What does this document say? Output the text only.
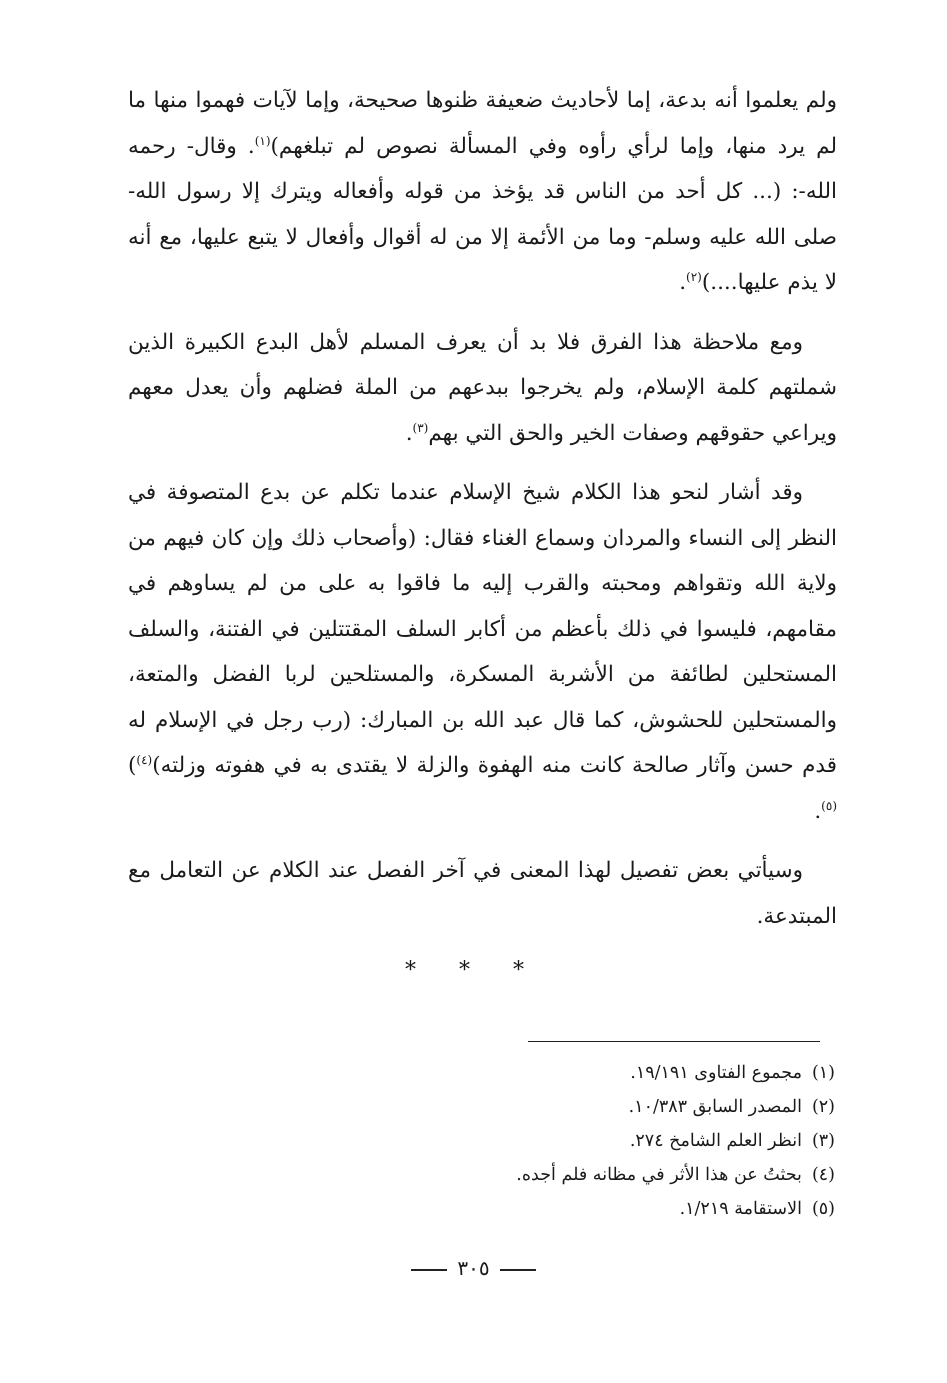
ولم يعلموا أنه بدعة، إما لأحاديث ضعيفة ظنوها صحيحة، وإما لآيات فهموا منها ما لم يرد منها، وإما لرأي رأوه وفي المسألة نصوص لم تبلغهم)$^{(١)}$. وقال- رحمه الله-: (... كل أحد من الناس قد يؤخذ من قوله وأفعاله ويترك إلا رسول الله- صلى الله عليه وسلم- وما من الأئمة إلا من له أقوال وأفعال لا يتبع عليها، مع أنه لا يذم عليها....)$^{(٢)}$.

ومع ملاحظة هذا الفرق فلا بد أن يعرف المسلم لأهل البدع الكبيرة الذين شملتهم كلمة الإسلام، ولم يخرجوا ببدعهم من الملة فضلهم وأن يعدل معهم ويراعي حقوقهم وصفات الخير والحق التي بهم$^{(٣)}$.

وقد أشار لنحو هذا الكلام شيخ الإسلام عندما تكلم عن بدع المتصوفة في النظر إلى النساء والمردان وسماع الغناء فقال: (وأصحاب ذلك وإن كان فيهم من ولاية الله وتقواهم ومحبته والقرب إليه ما فاقوا به على من لم يساوهم في مقامهم، فليسوا في ذلك بأعظم من أكابر السلف المقتتلين في الفتنة، والسلف المستحلين لطائفة من الأشربة المسكرة، والمستلحين لربا الفضل والمتعة، والمستحلين للحشوش، كما قال عبد الله بن المبارك: (رب رجل في الإسلام له قدم حسن وآثار صالحة كانت منه الهفوة والزلة لا يقتدى به في هفوته وزلته)$^{(٤)}$)$^{(٥)}$.

وسيأتي بعض تفصيل لهذا المعنى في آخر الفصل عند الكلام عن التعامل مع المبتدعة.

* * *

(١)مجموع الفتاوى ١٩/١٩١.

(٢)المصدر السابق ١٠/٣٨٣.

(٣)انظر العلم الشامخ ٢٧٤.

(٤)بحثتُ عن هذا الأثر في مظانه فلم أجده.

(٥)الاستقامة ١/٢١٩.

٣٠٥
